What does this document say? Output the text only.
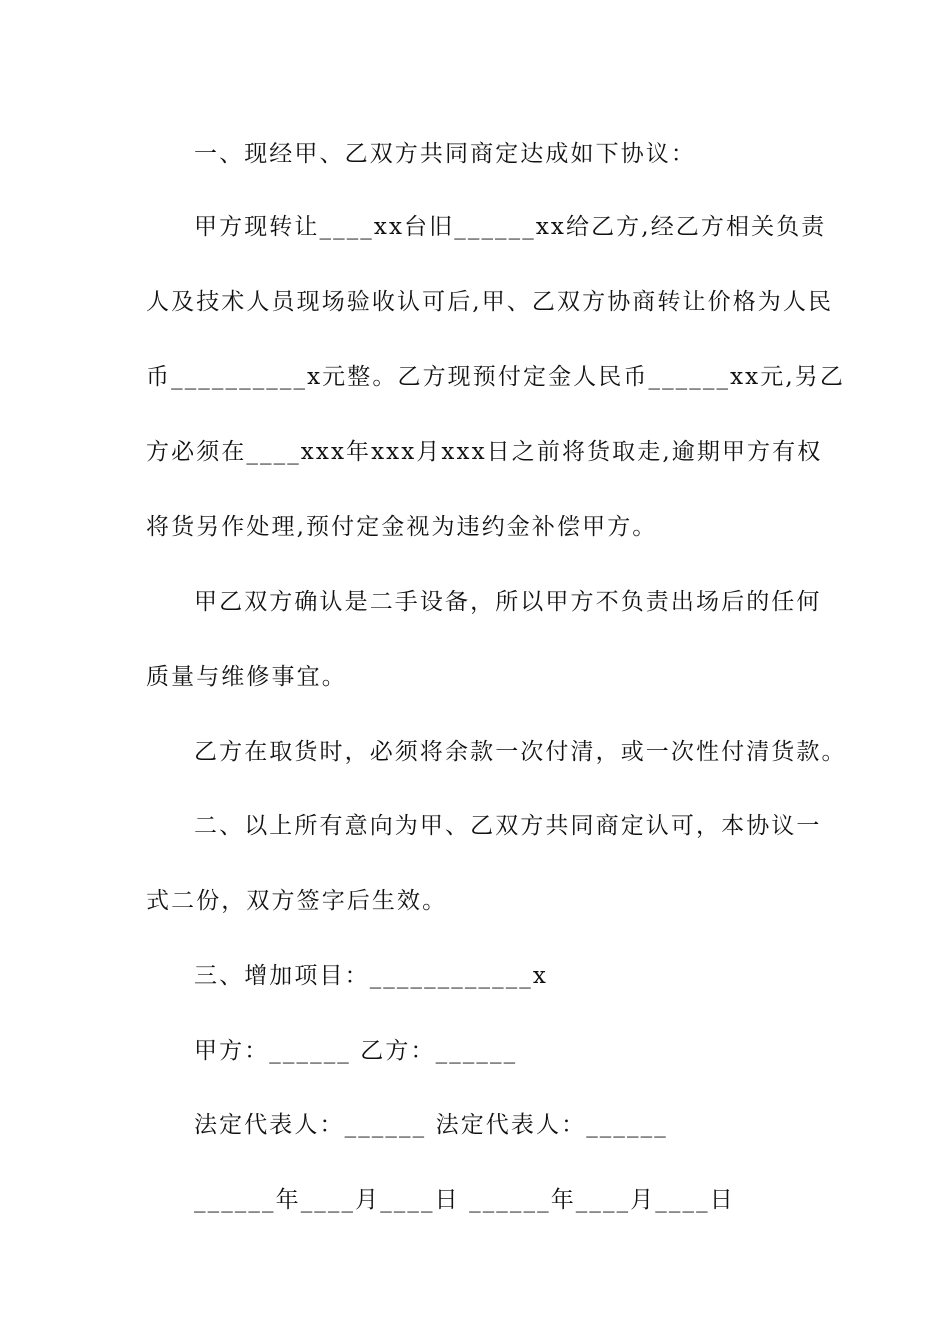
一、现经甲、乙双方共同商定达成如下协议：
甲方现转让____xx台旧______xx给乙方,经乙方相关负责
人及技术人员现场验收认可后,甲、乙双方协商转让价格为人民
币__________x元整。乙方现预付定金人民币______xx元,另乙
方必须在____xxx年xxx月xxx日之前将货取走,逾期甲方有权
将货另作处理,预付定金视为违约金补偿甲方。
甲乙双方确认是二手设备，所以甲方不负责出场后的任何
质量与维修事宜。
乙方在取货时，必须将余款一次付清，或一次性付清货款。
二、以上所有意向为甲、乙双方共同商定认可，本协议一
式二份，双方签字后生效。
三、增加项目：____________x
甲方：______ 乙方：______
法定代表人：______ 法定代表人：______
______年____月____日 ______年____月____日
